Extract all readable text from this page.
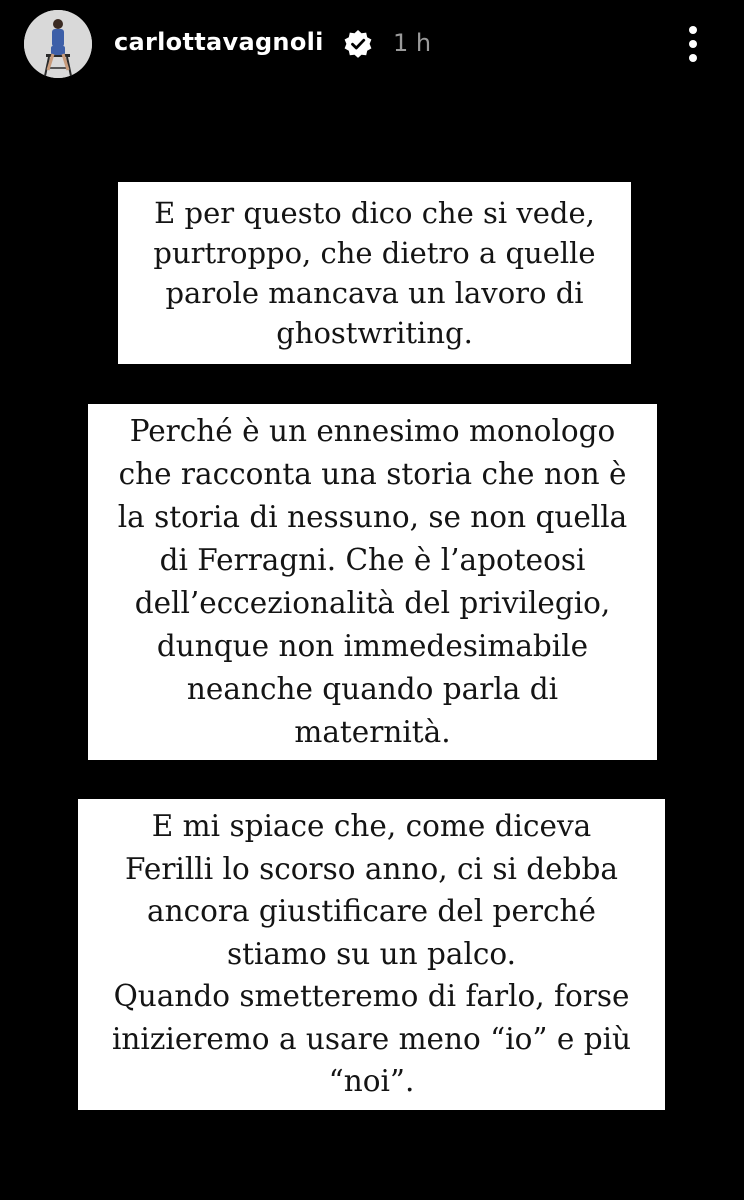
carlottavagnoli	1 h
E per questo dico che si vede,
purtroppo, che dietro a quelle
parole mancava un lavoro di
ghostwriting.
Perché è un ennesimo monologo
che racconta una storia che non è
la storia di nessuno, se non quella
di Ferragni. Che è l’apoteosi
dell’eccezionalità del privilegio,
dunque non immedesimabile
neanche quando parla di
maternità.
E mi spiace che, come diceva
Ferilli lo scorso anno, ci si debba
ancora giustificare del perché
stiamo su un palco.
Quando smetteremo di farlo, forse
inizieremo a usare meno “io” e più
“noi”.
